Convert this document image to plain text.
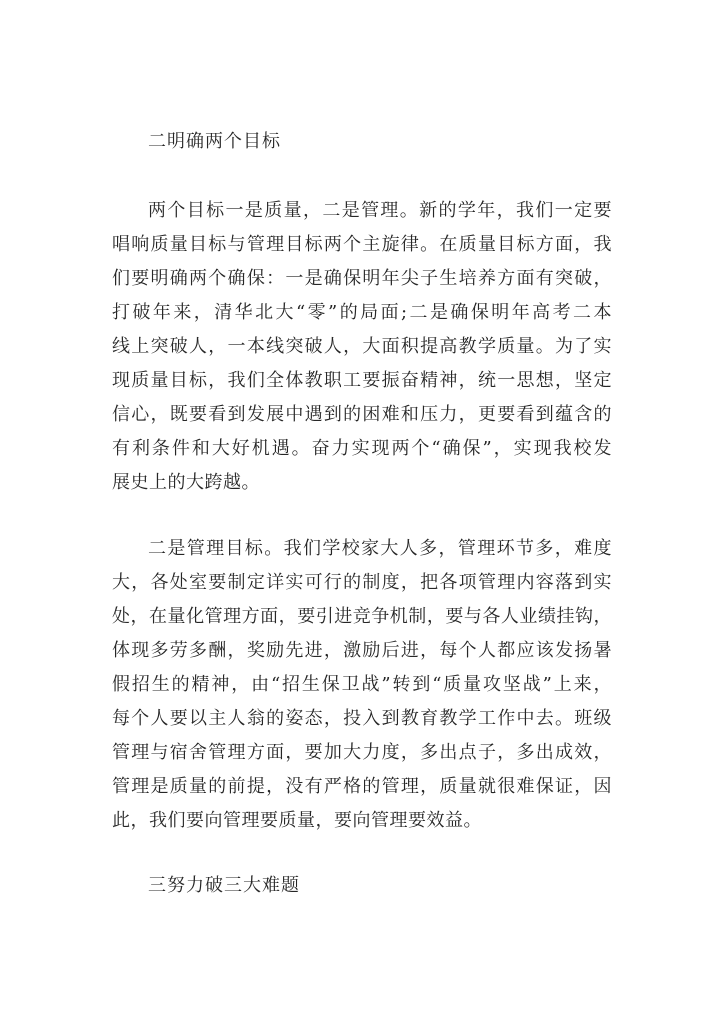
二明确两个目标
两个目标一是质量，二是管理。新的学年，我们一定要
唱响质量目标与管理目标两个主旋律。在质量目标方面，我
们要明确两个确保：一是确保明年尖子生培养方面有突破，
打破年来，清华北大“零”的局面;二是确保明年高考二本
线上突破人，一本线突破人，大面积提高教学质量。为了实
现质量目标，我们全体教职工要振奋精神，统一思想，坚定
信心，既要看到发展中遇到的困难和压力，更要看到蕴含的
有利条件和大好机遇。奋力实现两个“确保”，实现我校发
展史上的大跨越。
二是管理目标。我们学校家大人多，管理环节多，难度
大，各处室要制定详实可行的制度，把各项管理内容落到实
处，在量化管理方面，要引进竞争机制，要与各人业绩挂钩，
体现多劳多酬，奖励先进，激励后进，每个人都应该发扬暑
假招生的精神，由“招生保卫战”转到“质量攻坚战”上来，
每个人要以主人翁的姿态，投入到教育教学工作中去。班级
管理与宿舍管理方面，要加大力度，多出点子，多出成效，
管理是质量的前提，没有严格的管理，质量就很难保证，因
此，我们要向管理要质量，要向管理要效益。
三努力破三大难题
